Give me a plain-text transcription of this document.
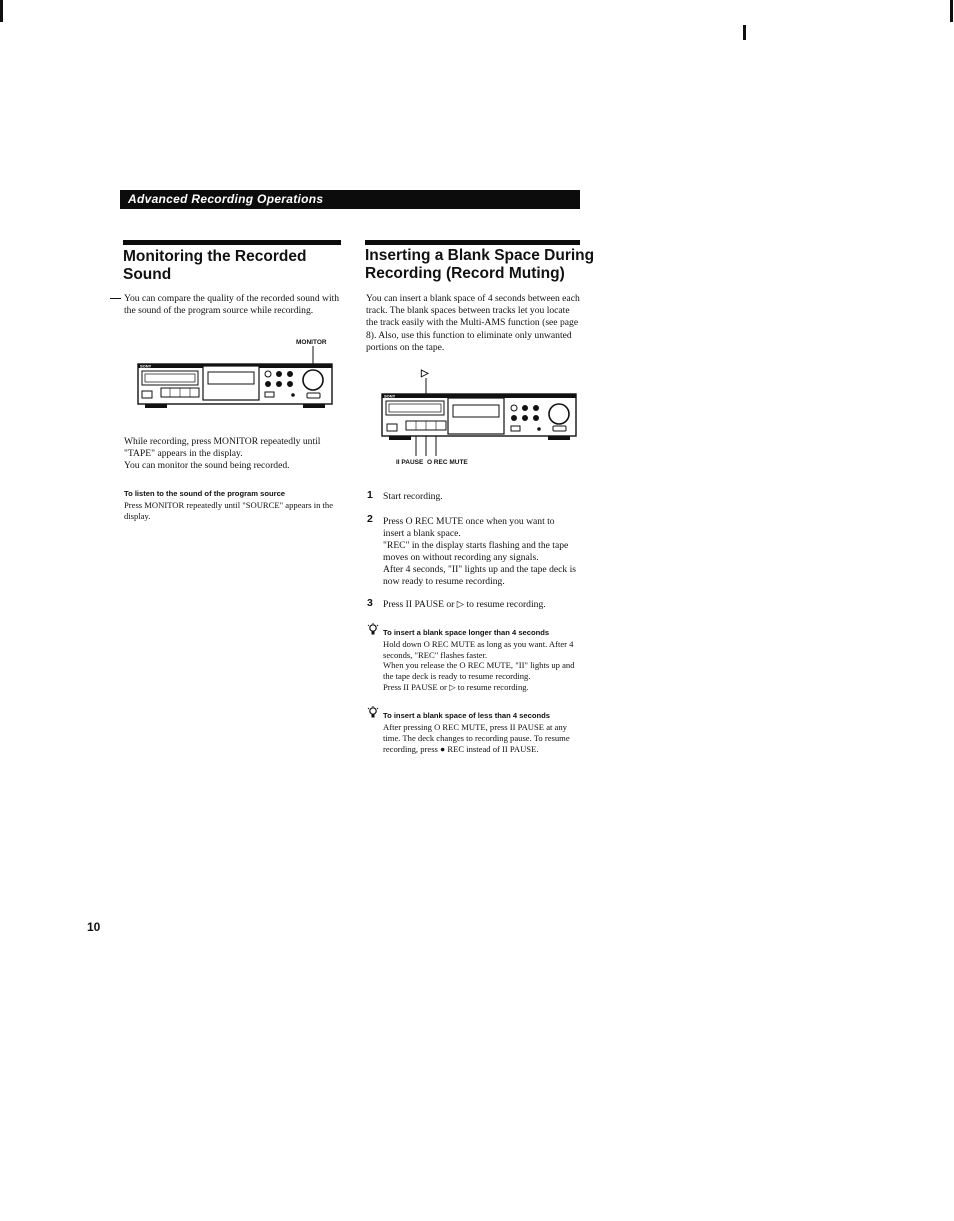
Advanced Recording Operations
Monitoring the Recorded
Sound
You can compare the quality of the recorded sound with the sound of the program source while recording.
MONITOR
SONY
While recording, press MONITOR repeatedly until "TAPE" appears in the display.
You can monitor the sound being recorded.
To listen to the sound of the program source
Press MONITOR repeatedly until "SOURCE" appears in the display.
Inserting a Blank Space During
Recording (Record Muting)
You can insert a blank space of 4 seconds between each track. The blank spaces between tracks let you locate the track easily with the Multi-AMS function (see page 8). Also, use this function to eliminate only unwanted portions on the tape.
▷
SONY
II PAUSE  O REC MUTE
1 Start recording.
2 Press O REC MUTE once when you want to insert a blank space.
"REC" in the display starts flashing and the tape moves on without recording any signals.
After 4 seconds, "II" lights up and the tape deck is now ready to resume recording.
3 Press II PAUSE or ▷ to resume recording.
To insert a blank space longer than 4 seconds
Hold down O REC MUTE as long as you want. After 4 seconds, "REC" flashes faster.
When you release the O REC MUTE, "II" lights up and the tape deck is ready to resume recording.
Press II PAUSE or ▷ to resume recording.
To insert a blank space of less than 4 seconds
After pressing O REC MUTE, press II PAUSE at any time. The deck changes to recording pause. To resume recording, press ● REC instead of II PAUSE.
10
